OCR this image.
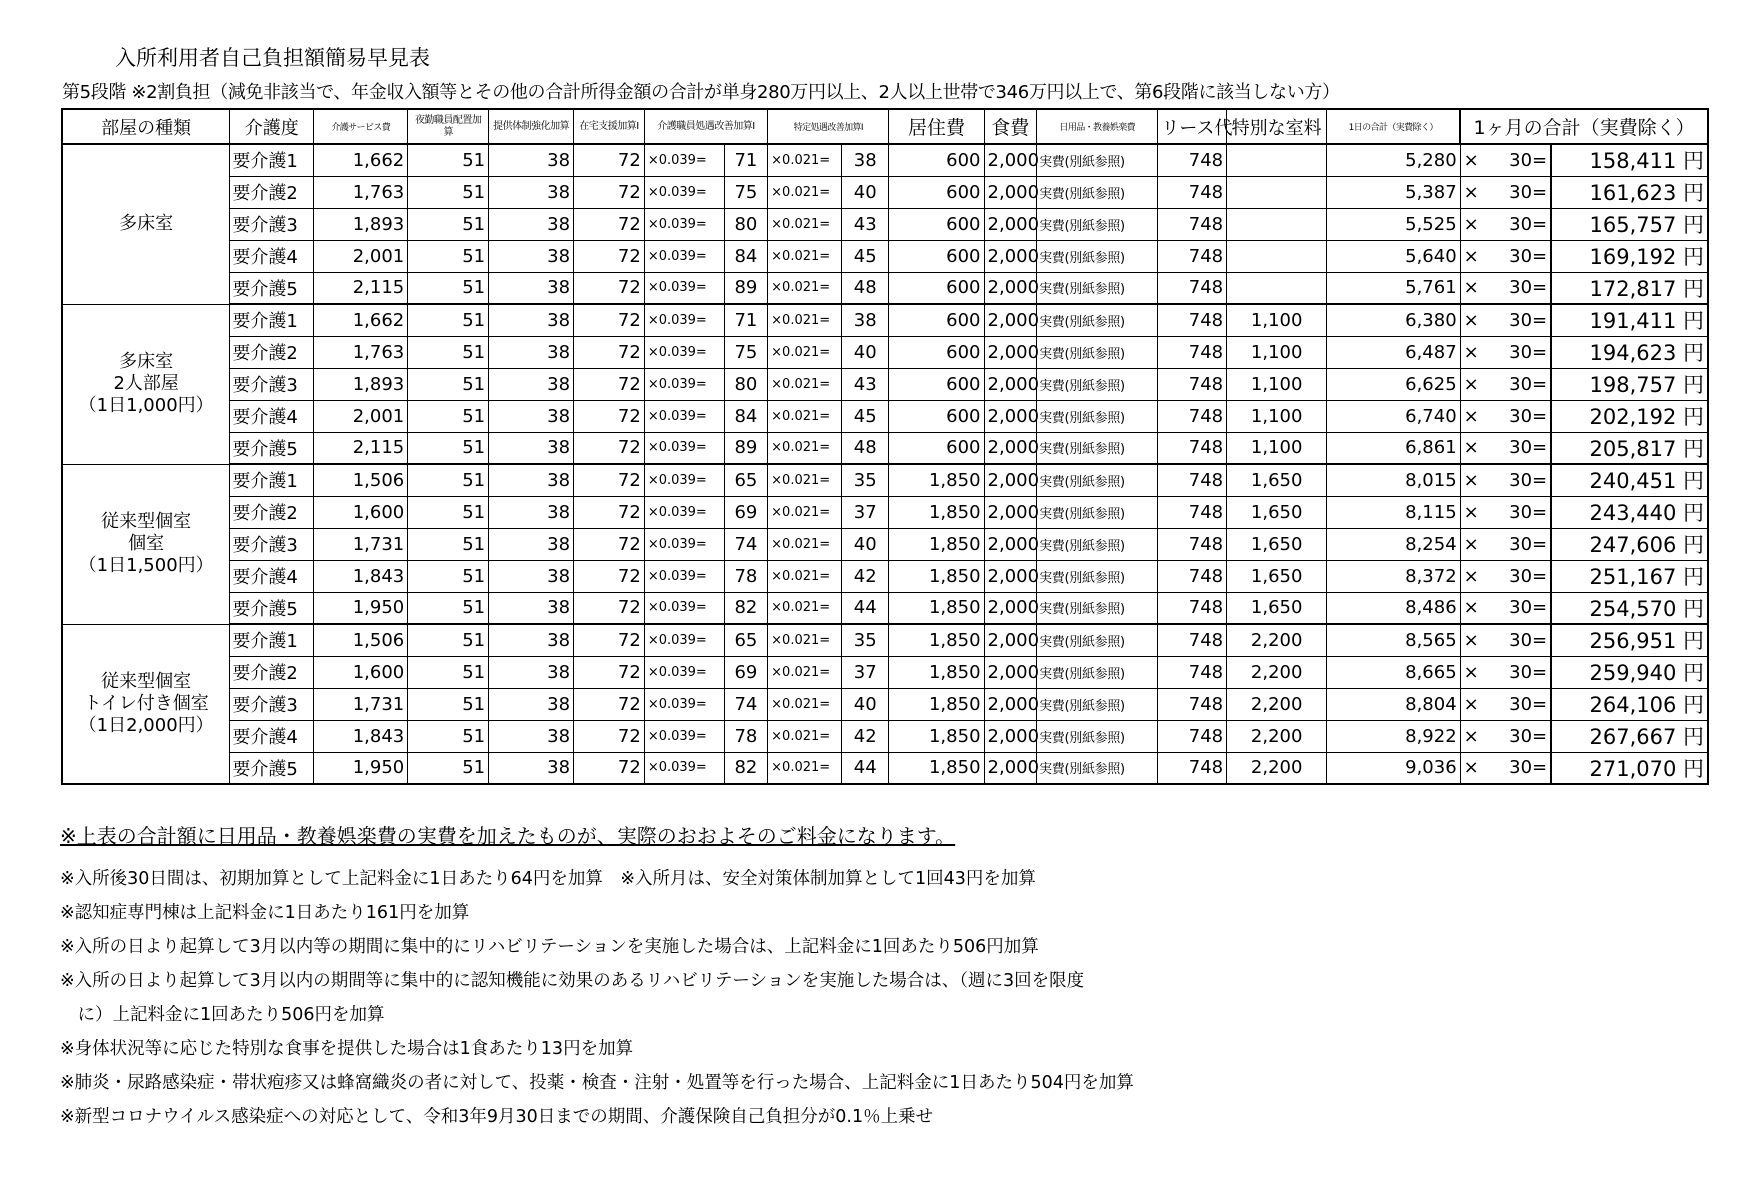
入所利用者自己負担額簡易早見表
第5段階 ※2割負担（減免非該当で、年金収入額等とその他の合計所得金額の合計が単身280万円以上、2人以上世帯で346万円以上で、第6段階に該当しない方）
部屋の種類	介護度	介護サービス費	夜勤職員配置加　算	提供体制強化加算	在宅支援加算Ⅰ	介護職員処遇改善加算Ⅰ		特定処遇改善加算Ⅰ		居住費	食費	日用品・教養娯楽費	リース代	特別な室料	1日の合計（実費除く）	1ヶ月の合計（実費除く）		

多床室	要介護1	1,662	51	38	72	×0.039=	71	×0.021=	38	600	2,000	実費(別紙参照)	748		5,280	×	30=	158,411 円
	要介護2	1,763	51	38	72	×0.039=	75	×0.021=	40	600	2,000	実費(別紙参照)	748		5,387	×	30=	161,623 円
	要介護3	1,893	51	38	72	×0.039=	80	×0.021=	43	600	2,000	実費(別紙参照)	748		5,525	×	30=	165,757 円
	要介護4	2,001	51	38	72	×0.039=	84	×0.021=	45	600	2,000	実費(別紙参照)	748		5,640	×	30=	169,192 円
	要介護5	2,115	51	38	72	×0.039=	89	×0.021=	48	600	2,000	実費(別紙参照)	748		5,761	×	30=	172,817 円

多床室
2人部屋
（1日1,000円）	要介護1	1,662	51	38	72	×0.039=	71	×0.021=	38	600	2,000	実費(別紙参照)	748	1,100	6,380	×	30=	191,411 円
	要介護2	1,763	51	38	72	×0.039=	75	×0.021=	40	600	2,000	実費(別紙参照)	748	1,100	6,487	×	30=	194,623 円
	要介護3	1,893	51	38	72	×0.039=	80	×0.021=	43	600	2,000	実費(別紙参照)	748	1,100	6,625	×	30=	198,757 円
	要介護4	2,001	51	38	72	×0.039=	84	×0.021=	45	600	2,000	実費(別紙参照)	748	1,100	6,740	×	30=	202,192 円
	要介護5	2,115	51	38	72	×0.039=	89	×0.021=	48	600	2,000	実費(別紙参照)	748	1,100	6,861	×	30=	205,817 円

従来型個室
個室
（1日1,500円）	要介護1	1,506	51	38	72	×0.039=	65	×0.021=	35	1,850	2,000	実費(別紙参照)	748	1,650	8,015	×	30=	240,451 円
	要介護2	1,600	51	38	72	×0.039=	69	×0.021=	37	1,850	2,000	実費(別紙参照)	748	1,650	8,115	×	30=	243,440 円
	要介護3	1,731	51	38	72	×0.039=	74	×0.021=	40	1,850	2,000	実費(別紙参照)	748	1,650	8,254	×	30=	247,606 円
	要介護4	1,843	51	38	72	×0.039=	78	×0.021=	42	1,850	2,000	実費(別紙参照)	748	1,650	8,372	×	30=	251,167 円
	要介護5	1,950	51	38	72	×0.039=	82	×0.021=	44	1,850	2,000	実費(別紙参照)	748	1,650	8,486	×	30=	254,570 円

従来型個室
トイレ付き個室
（1日2,000円）	要介護1	1,506	51	38	72	×0.039=	65	×0.021=	35	1,850	2,000	実費(別紙参照)	748	2,200	8,565	×	30=	256,951 円
	要介護2	1,600	51	38	72	×0.039=	69	×0.021=	37	1,850	2,000	実費(別紙参照)	748	2,200	8,665	×	30=	259,940 円
	要介護3	1,731	51	38	72	×0.039=	74	×0.021=	40	1,850	2,000	実費(別紙参照)	748	2,200	8,804	×	30=	264,106 円
	要介護4	1,843	51	38	72	×0.039=	78	×0.021=	42	1,850	2,000	実費(別紙参照)	748	2,200	8,922	×	30=	267,667 円
	要介護5	1,950	51	38	72	×0.039=	82	×0.021=	44	1,850	2,000	実費(別紙参照)	748	2,200	9,036	×	30=	271,070 円
※上表の合計額に日用品・教養娯楽費の実費を加えたものが、実際のおおよそのご料金になります。
※入所後30日間は、初期加算として上記料金に1日あたり64円を加算　※入所月は、安全対策体制加算として1回43円を加算
※認知症専門棟は上記料金に1日あたり161円を加算
※入所の日より起算して3月以内等の期間に集中的にリハビリテーションを実施した場合は、上記料金に1回あたり506円加算
※入所の日より起算して3月以内の期間等に集中的に認知機能に効果のあるリハビリテーションを実施した場合は、（週に3回を限度
　に）上記料金に1回あたり506円を加算
※身体状況等に応じた特別な食事を提供した場合は1食あたり13円を加算
※肺炎・尿路感染症・帯状疱疹又は蜂窩織炎の者に対して、投薬・検査・注射・処置等を行った場合、上記料金に1日あたり504円を加算
※新型コロナウイルス感染症への対応として、令和3年9月30日までの期間、介護保険自己負担分が0.1％上乗せ
